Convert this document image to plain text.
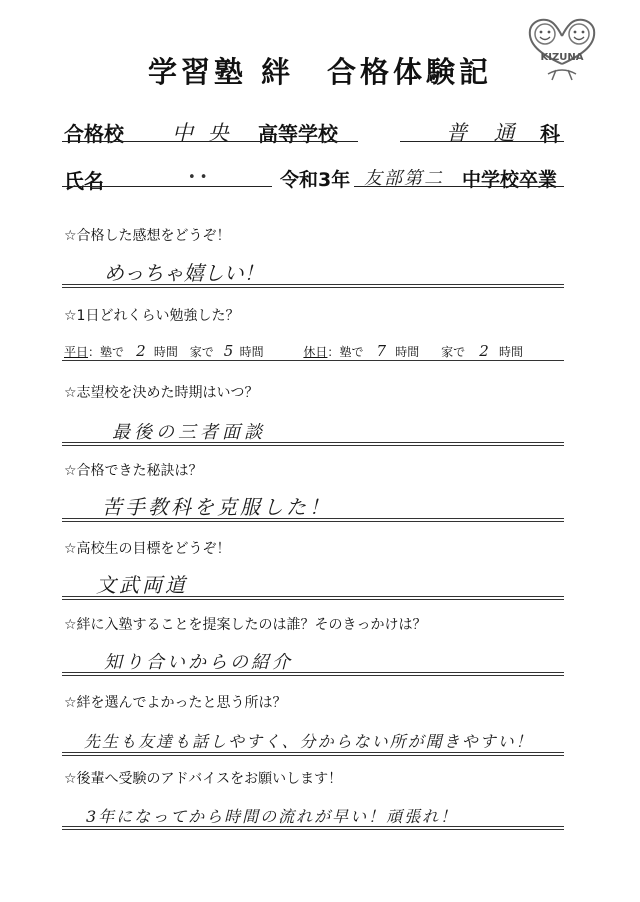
学習塾 絆　合格体験記	KIZUNA
合格校 中 央 高等学校	普 通 科
氏名	• •	令和3年 友部第二 中学校卒業
☆合格した感想をどうぞ！
めっちゃ嬉しい！
☆1日どれくらい勉強した？
平日：塾で 2 時間 家で 5 時間	休日：塾で 7 時間 家で 2 時間
☆志望校を決めた時期はいつ？
最後の三者面談
☆合格できた秘訣は？
苦手教科を克服した！
☆高校生の目標をどうぞ！
文武両道
☆絆に入塾することを提案したのは誰？そのきっかけは？
知り合いからの紹介
☆絆を選んでよかったと思う所は？
先生も友達も話しやすく、分からない所が聞きやすい！
☆後輩へ受験のアドバイスをお願いします！
3年になってから時間の流れが早い！頑張れ！
